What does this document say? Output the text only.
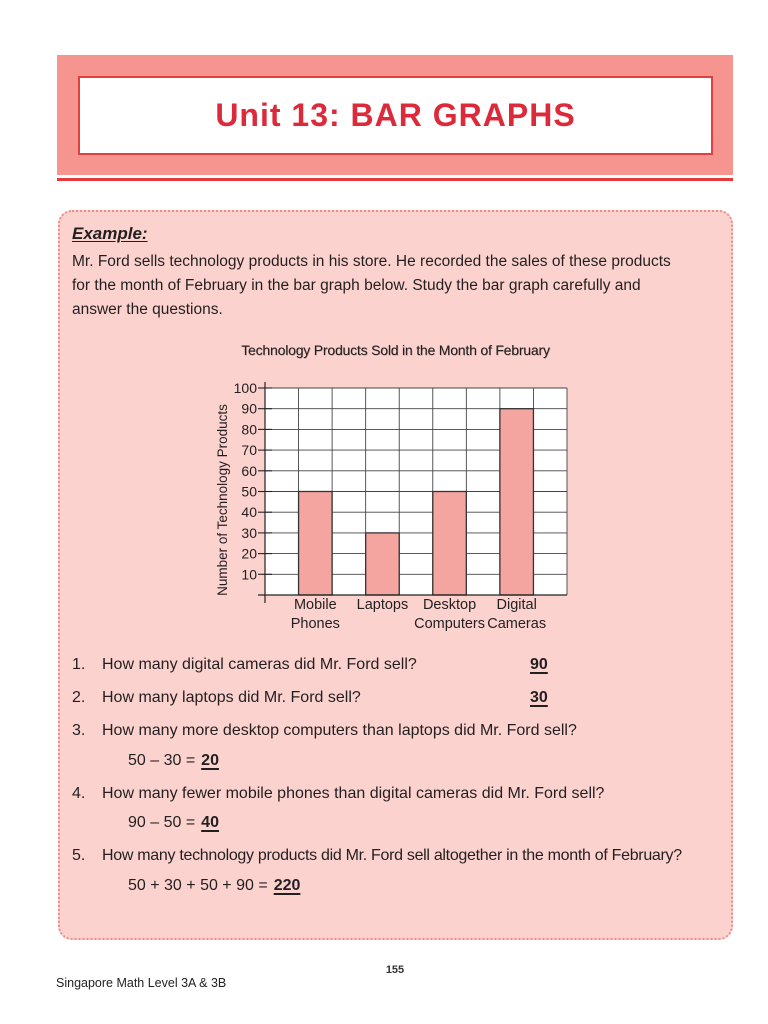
Unit 13: BAR GRAPHS
Example:
Mr. Ford sells technology products in his store. He recorded the sales of these products
for the month of February in the bar graph below. Study the bar graph carefully and
answer the questions.
Technology Products Sold in the Month of February
10
20
30
40
50
60
70
80
90
100
Mobile Phones
Laptops	Desktop Computers
Digital Cameras
Number of Technology Products
1. How many digital cameras did Mr. Ford sell?	90
2. How many laptops did Mr. Ford sell?	30
3. How many more desktop computers than laptops did Mr. Ford sell?
50 – 30 = 20
4. How many fewer mobile phones than digital cameras did Mr. Ford sell?
90 – 50 = 40
5. How many technology products did Mr. Ford sell altogether in the month of February?
50 + 30 + 50 + 90 = 220
155
Singapore Math Level 3A & 3B
